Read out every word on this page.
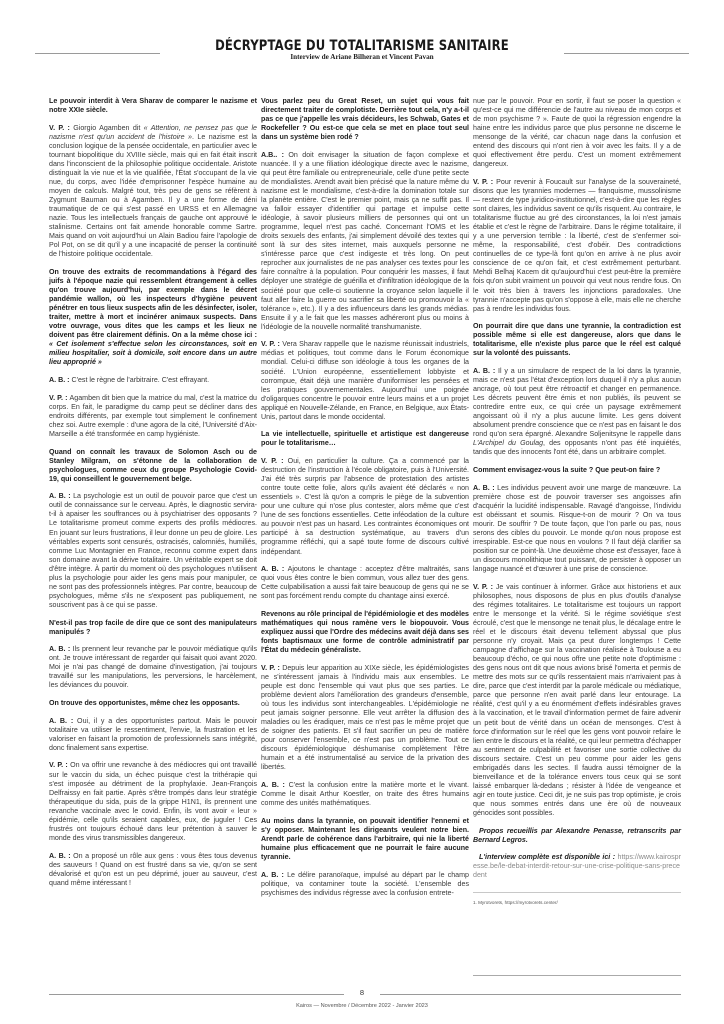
DÉCRYPTAGE DU TOTALITARISME SANITAIRE
Interview de Ariane Bilheran et Vincent Pavan

Le pouvoir interdit à Vera Sharav de comparer le nazisme et notre XXIe siècle.

V. P. : Giorgio Agamben dit « Attention, ne pensez pas que le nazisme n'est qu'un accident de l'histoire ». Le nazisme est la conclusion logique de la pensée occidentale, en particulier avec le tournant biopolitique du XVIIIe siècle, mais qui en fait était inscrit dans l'inconscient de la philosophie politique occidentale. Aristote distinguait la vie nue et la vie qualifiée, l'État s'occupant de la vie nue, du corps, avec l'idée d'emprisonner l'espèce humaine au moyen de calculs. Malgré tout, très peu de gens se réfèrent à Zygmunt Bauman ou à Agamben. Il y a une forme de déni traumatique de ce qui s'est passé en URSS et en Allemagne nazie. Tous les intellectuels français de gauche ont approuvé le stalinisme. Certains ont fait amende honorable comme Sartre. Mais quand on voit aujourd'hui un Alain Badiou faire l'apologie de Pol Pot, on se dit qu'il y a une incapacité de penser la continuité de l'histoire politique occidentale.

On trouve des extraits de recommandations à l'égard des juifs à l'époque nazie qui ressemblent étrangement à celles qu'on trouve aujourd'hui, par exemple dans le décret pandémie wallon, où les inspecteurs d'hygiène peuvent pénétrer en tous lieux suspects afin de les désinfecter, isoler, traiter, mettre à mort et incinérer animaux suspects. Dans votre ouvrage, vous dites que les camps et les lieux ne doivent pas être clairement définis. On a la même chose ici : « Cet isolement s'effectue selon les circonstances, soit en milieu hospitalier, soit à domicile, soit encore dans un autre lieu approprié »

A. B. : C'est le règne de l'arbitraire. C'est effrayant.

V. P. : Agamben dit bien que la matrice du mal, c'est la matrice du corps. En fait, le paradigme du camp peut se décliner dans des endroits différents, par exemple tout simplement le confinement chez soi. Autre exemple : d'une agora de la cité, l'Université d'Aix-Marseille a été transformée en camp hygiéniste.

Quand on connaît les travaux de Solomon Asch ou de Stanley Milgram, on s'étonne de la collaboration de psychologues, comme ceux du groupe Psychologie Covid-19, qui conseillent le gouvernement belge.

A. B. : La psychologie est un outil de pouvoir parce que c'est un outil de connaissance sur le cerveau. Après, le diagnostic servira-t-il à apaiser les souffrances ou à psychiatriser des opposants ? Le totalitarisme promeut comme experts des profils médiocres. En jouant sur leurs frustrations, il leur donne un peu de gloire. Les véritables experts sont censurés, ostracisés, calomniés, humiliés, comme Luc Montagnier en France, reconnu comme expert dans son domaine avant la dérive totalitaire. Un véritable expert se doit d'être intègre. À partir du moment où des psychologues n'utilisent plus la psychologie pour aider les gens mais pour manipuler, ce ne sont pas des professionnels intègres. Par contre, beaucoup de psychologues, même s'ils ne s'exposent pas publiquement, ne souscrivent pas à ce qui se passe.

N'est-il pas trop facile de dire que ce sont des manipulateurs manipulés ?

A. B. : Ils prennent leur revanche par le pouvoir médiatique qu'ils ont. Je trouve intéressant de regarder qui faisait quoi avant 2020. Moi je n'ai pas changé de domaine d'investigation, j'ai toujours travaillé sur les manipulations, les perversions, le harcèlement, les déviances du pouvoir.

On trouve des opportunistes, même chez les opposants.

A. B. : Oui, il y a des opportunistes partout. Mais le pouvoir totalitaire va utiliser le ressentiment, l'envie, la frustration et les valoriser en faisant la promotion de professionnels sans intégrité, donc finalement sans expertise.

V. P. : On va offrir une revanche à des médiocres qui ont travaillé sur le vaccin du sida, un échec puisque c'est la trithérapie qui s'est imposée au détriment de la prophylaxie. Jean-François Delfraissy en fait partie. Après s'être trompés dans leur stratégie thérapeutique du sida, puis de la grippe H1N1, ils prennent une revanche vaccinale avec le covid. Enfin, ils vont avoir « leur » épidémie, celle qu'ils seraient capables, eux, de juguler ! Ces frustrés ont toujours échoué dans leur prétention à sauver le monde des virus transmissibles dangereux.

A. B. : On a proposé un rôle aux gens : vous êtes tous devenus des sauveurs ! Quand on est frustré dans sa vie, qu'on se sent dévalorisé et qu'on est un peu déprimé, jouer au sauveur, c'est quand même intéressant !

Vous parlez peu du Great Reset, un sujet qui vous fait directement traiter de complotiste. Derrière tout cela, n'y a-t-il pas ce que j'appelle les vrais décideurs, les Schwab, Gates et Rockefeller ? Ou est-ce que cela se met en place tout seul dans un système bien rodé ?

A.B.. : On doit envisager la situation de façon complexe et nuancée. Il y a une filiation idéologique directe avec le nazisme, qui peut être familiale ou entrepreneuriale, celle d'une petite secte de mondialistes. Arendt avait bien précisé que la nature même du nazisme est le mondialisme, c'est-à-dire la domination totale sur la planète entière. C'est le premier point, mais ça ne suffit pas. Il va falloir essayer d'identifier qui partage et impulse cette idéologie, à savoir plusieurs milliers de personnes qui ont un programme, lequel n'est pas caché. Concernant l'OMS et les droits sexuels des enfants, j'ai simplement dévoilé des textes qui sont là sur des sites internet, mais auxquels personne ne s'intéresse parce que c'est indigeste et très long. On peut reprocher aux journalistes de ne pas analyser ces textes pour les faire connaître à la population. Pour conquérir les masses, il faut déployer une stratégie de guérilla et d'infiltration idéologique de la société pour que celle-ci soutienne la croyance selon laquelle il faut aller faire la guerre ou sacrifier sa liberté ou promouvoir la « tolérance », etc.). Il y a des influenceurs dans les grands médias. Ensuite il y a le fait que les masses adhéreront plus ou moins à l'idéologie de la nouvelle normalité transhumaniste.

V. P. : Vera Sharav rappelle que le nazisme réunissait industriels, médias et politiques, tout comme dans le Forum économique mondial. Celui-ci diffuse son idéologie à tous les organes de la société. L'Union européenne, essentiellement lobbyiste et corrompue, était déjà une manière d'uniformiser les pensées et les pratiques gouvernementales. Aujourd'hui une poignée d'oligarques concentre le pouvoir entre leurs mains et a un projet appliqué en Nouvelle-Zélande, en France, en Belgique, aux États-Unis, partout dans le monde occidental.

La vie intellectuelle, spirituelle et artistique est dangereuse pour le totalitarisme…

V. P. : Oui, en particulier la culture. Ça a commencé par la destruction de l'instruction à l'école obligatoire, puis à l'Université. J'ai été très surpris par l'absence de protestation des artistes contre toute cette folie, alors qu'ils avaient été déclarés « non essentiels ». C'est là qu'on a compris le piège de la subvention pour une culture qui n'ose plus contester, alors même que c'est l'une de ses fonctions essentielles. Cette inféodation de la culture au pouvoir n'est pas un hasard. Les contraintes économiques ont participé à sa destruction systématique, au travers d'un programme réfléchi, qui a sapé toute forme de discours cultivé indépendant.

A. B. : Ajoutons le chantage : acceptez d'être maltraités, sans quoi vous êtes contre le bien commun, vous allez tuer des gens. Cette culpabilisation a aussi fait taire beaucoup de gens qui ne se sont pas forcément rendu compte du chantage ainsi exercé.

Revenons au rôle principal de l'épidémiologie et des modèles mathématiques qui nous ramène vers le biopouvoir. Vous expliquez aussi que l'Ordre des médecins avait déjà dans ses fonts baptismaux une forme de contrôle administratif par l'État du médecin généraliste.

V. P. : Depuis leur apparition au XIXe siècle, les épidémiologistes ne s'intéressent jamais à l'individu mais aux ensembles. Le peuple est donc l'ensemble qui vaut plus que ses parties. Le problème devient alors l'amélioration des grandeurs d'ensemble, où tous les individus sont interchangeables. L'épidémiologie ne peut jamais soigner personne. Elle veut arrêter la diffusion des maladies ou les éradiquer, mais ce n'est pas le même projet que de soigner des patients. Et s'il faut sacrifier un peu de matière pour conserver l'ensemble, ce n'est pas un problème. Tout ce discours épidémiologique déshumanise complètement l'être humain et a été instrumentalisé au service de la privation des libertés.

A. B. : C'est la confusion entre la matière morte et le vivant. Comme le disait Arthur Koestler, on traite des êtres humains comme des unités mathématiques.

Au moins dans la tyrannie, on pouvait identifier l'ennemi et s'y opposer. Maintenant les dirigeants veulent notre bien. Arendt parle de cohérence dans l'arbitraire, qui nie la liberté humaine plus efficacement que ne pourrait le faire aucune tyrannie.

A. B. : Le délire paranoïaque, impulsé au départ par le champ politique, va contaminer toute la société. L'ensemble des psychismes des individus régresse avec la confusion entrete-

nue par le pouvoir. Pour en sortir, il faut se poser la question « qu'est-ce qui me différencie de l'autre au niveau de mon corps et de mon psychisme ? ». Faute de quoi la régression engendre la haine entre les individus parce que plus personne ne discerne le mensonge de la vérité, car chacun nage dans la confusion et entend des discours qui n'ont rien à voir avec les faits. Il y a de quoi effectivement être perdu. C'est un moment extrêmement dangereux.

V. P. : Pour revenir à Foucault sur l'analyse de la souveraineté, disons que les tyrannies modernes — franquisme, mussolinisme — restent de type juridico-institutionnel, c'est-à-dire que les règles sont claires, les individus savent ce qu'ils risquent. Au contraire, le totalitarisme fluctue au gré des circonstances, la loi n'est jamais établie et c'est le règne de l'arbitraire. Dans le régime totalitaire, il y a une perversion terrible : la liberté, c'est de s'enfermer soi-même, la responsabilité, c'est d'obéir. Des contradictions continuelles de ce type-là font qu'on en arrive à ne plus avoir conscience de ce qu'on fait, et c'est extrêmement perturbant. Mehdi Belhaj Kacem dit qu'aujourd'hui c'est peut-être la première fois qu'on subit vraiment un pouvoir qui veut nous rendre fous. On le voit très bien à travers les injonctions paradoxales. Une tyrannie n'accepte pas qu'on s'oppose à elle, mais elle ne cherche pas à rendre les individus fous.

On pourrait dire que dans une tyrannie, la contradiction est possible même si elle est dangereuse, alors que dans le totalitarisme, elle n'existe plus parce que le réel est calqué sur la volonté des puissants.

A. B. : Il y a un simulacre de respect de la loi dans la tyrannie, mais ce n'est pas l'état d'exception lors duquel il n'y a plus aucun ancrage, où tout peut être rétroactif et changer en permanence. Les décrets peuvent être émis et non publiés, ils peuvent se contredire entre eux, ce qui crée un paysage extrêmement angoissant où il n'y a plus aucune limite. Les gens doivent absolument prendre conscience que ce n'est pas en faisant le dos rond qu'on sera épargné. Alexandre Soljenitsyne le rappelle dans L'Archipel du Goulag, des opposants n'ont pas été inquiétés, tandis que des innocents l'ont été, dans un arbitraire complet.

Comment envisagez-vous la suite ? Que peut-on faire ?

A. B. : Les individus peuvent avoir une marge de manœuvre. La première chose est de pouvoir traverser ses angoisses afin d'acquérir la lucidité indispensable. Ravagé d'angoisse, l'individu est obéissant et soumis. Risque-t-on de mourir ? On va tous mourir. De souffrir ? De toute façon, que l'on parle ou pas, nous serons des cibles du pouvoir. Le monde qu'on nous propose est irrespirable. Est-ce que nous en voulons ? Il faut déjà clarifier sa position sur ce point-là. Une deuxième chose est d'essayer, face à un discours monolithique tout puissant, de persister à opposer un langage nuancé et d'œuvrer à une prise de conscience.

V. P. : Je vais continuer à informer. Grâce aux historiens et aux philosophes, nous disposons de plus en plus d'outils d'analyse des régimes totalitaires. Le totalitarisme est toujours un rapport entre le mensonge et la vérité. Si le régime soviétique s'est écroulé, c'est que le mensonge ne tenait plus, le décalage entre le réel et le discours était devenu tellement abyssal que plus personne n'y croyait. Mais ça peut durer longtemps ! Cette campagne d'affichage sur la vaccination réalisée à Toulouse a eu beaucoup d'écho, ce qui nous offre une petite note d'optimisme : des gens nous ont dit que nous avions brisé l'omerta et permis de mettre des mots sur ce qu'ils ressentaient mais n'arrivaient pas à dire, parce que c'est interdit par la parole médicale ou médiatique, parce que personne n'en avait parlé dans leur entourage. La réalité, c'est qu'il y a eu énormément d'effets indésirables graves à la vaccination, et le travail d'information permet de faire advenir un petit bout de vérité dans un océan de mensonges. C'est à force d'information sur le réel que les gens vont pouvoir refaire le lien entre le discours et la réalité, ce qui leur permettra d'échapper au sentiment de culpabilité et favoriser une sortie collective du discours sectaire. C'est un peu comme pour aider les gens embrigadés dans les sectes. Il faudra aussi témoigner de la bienveillance et de la tolérance envers tous ceux qui se sont laissé embarquer là-dedans ; résister à l'idée de vengeance et agir en toute justice. Ceci dit, je ne suis pas trop optimiste, je crois que nous sommes entrés dans une ère où de nouveaux génocides sont possibles.

Propos recueillis par Alexandre Penasse, retranscrits par Bernard Legros.

L'interview complète est disponible ici : https://www.kairospresse.be/le-debat-interdit-retour-sur-une-crise-politique-sans-precedent

1. Myrotvorets, https://myrotvorets.center/
8
Kairos — Novembre / Décembre 2022 - Janvier 2023
